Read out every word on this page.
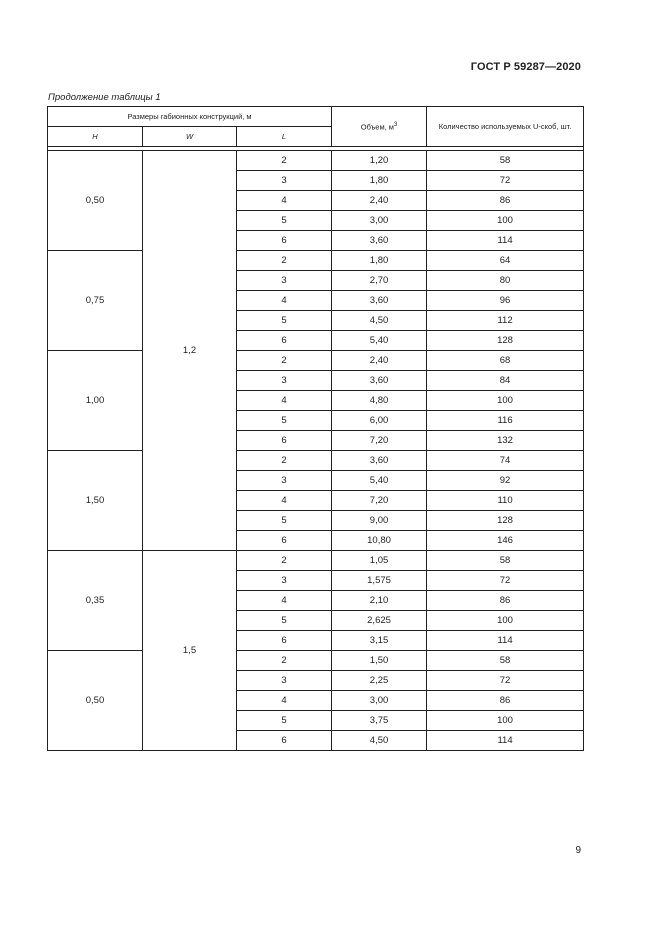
ГОСТ Р 59287—2020
Продолжение таблицы 1
Размеры габионных конструкций, м			Объем, $м^3$	Количество используемых U-скоб, шт.
H	W	L		

0,50	1,2	2	1,20	58
		3	1,80	72
		4	2,40	86
		5	3,00	100
		6	3,60	114
0,75		2	1,80	64
		3	2,70	80
		4	3,60	96
		5	4,50	112
		6	5,40	128
1,00		2	2,40	68
		3	3,60	84
		4	4,80	100
		5	6,00	116
		6	7,20	132
1,50		2	3,60	74
		3	5,40	92
		4	7,20	110
		5	9,00	128
		6	10,80	146
0,35	1,5	2	1,05	58
		3	1,575	72
		4	2,10	86
		5	2,625	100
		6	3,15	114
0,50		2	1,50	58
		3	2,25	72
		4	3,00	86
		5	3,75	100
		6	4,50	114
9
